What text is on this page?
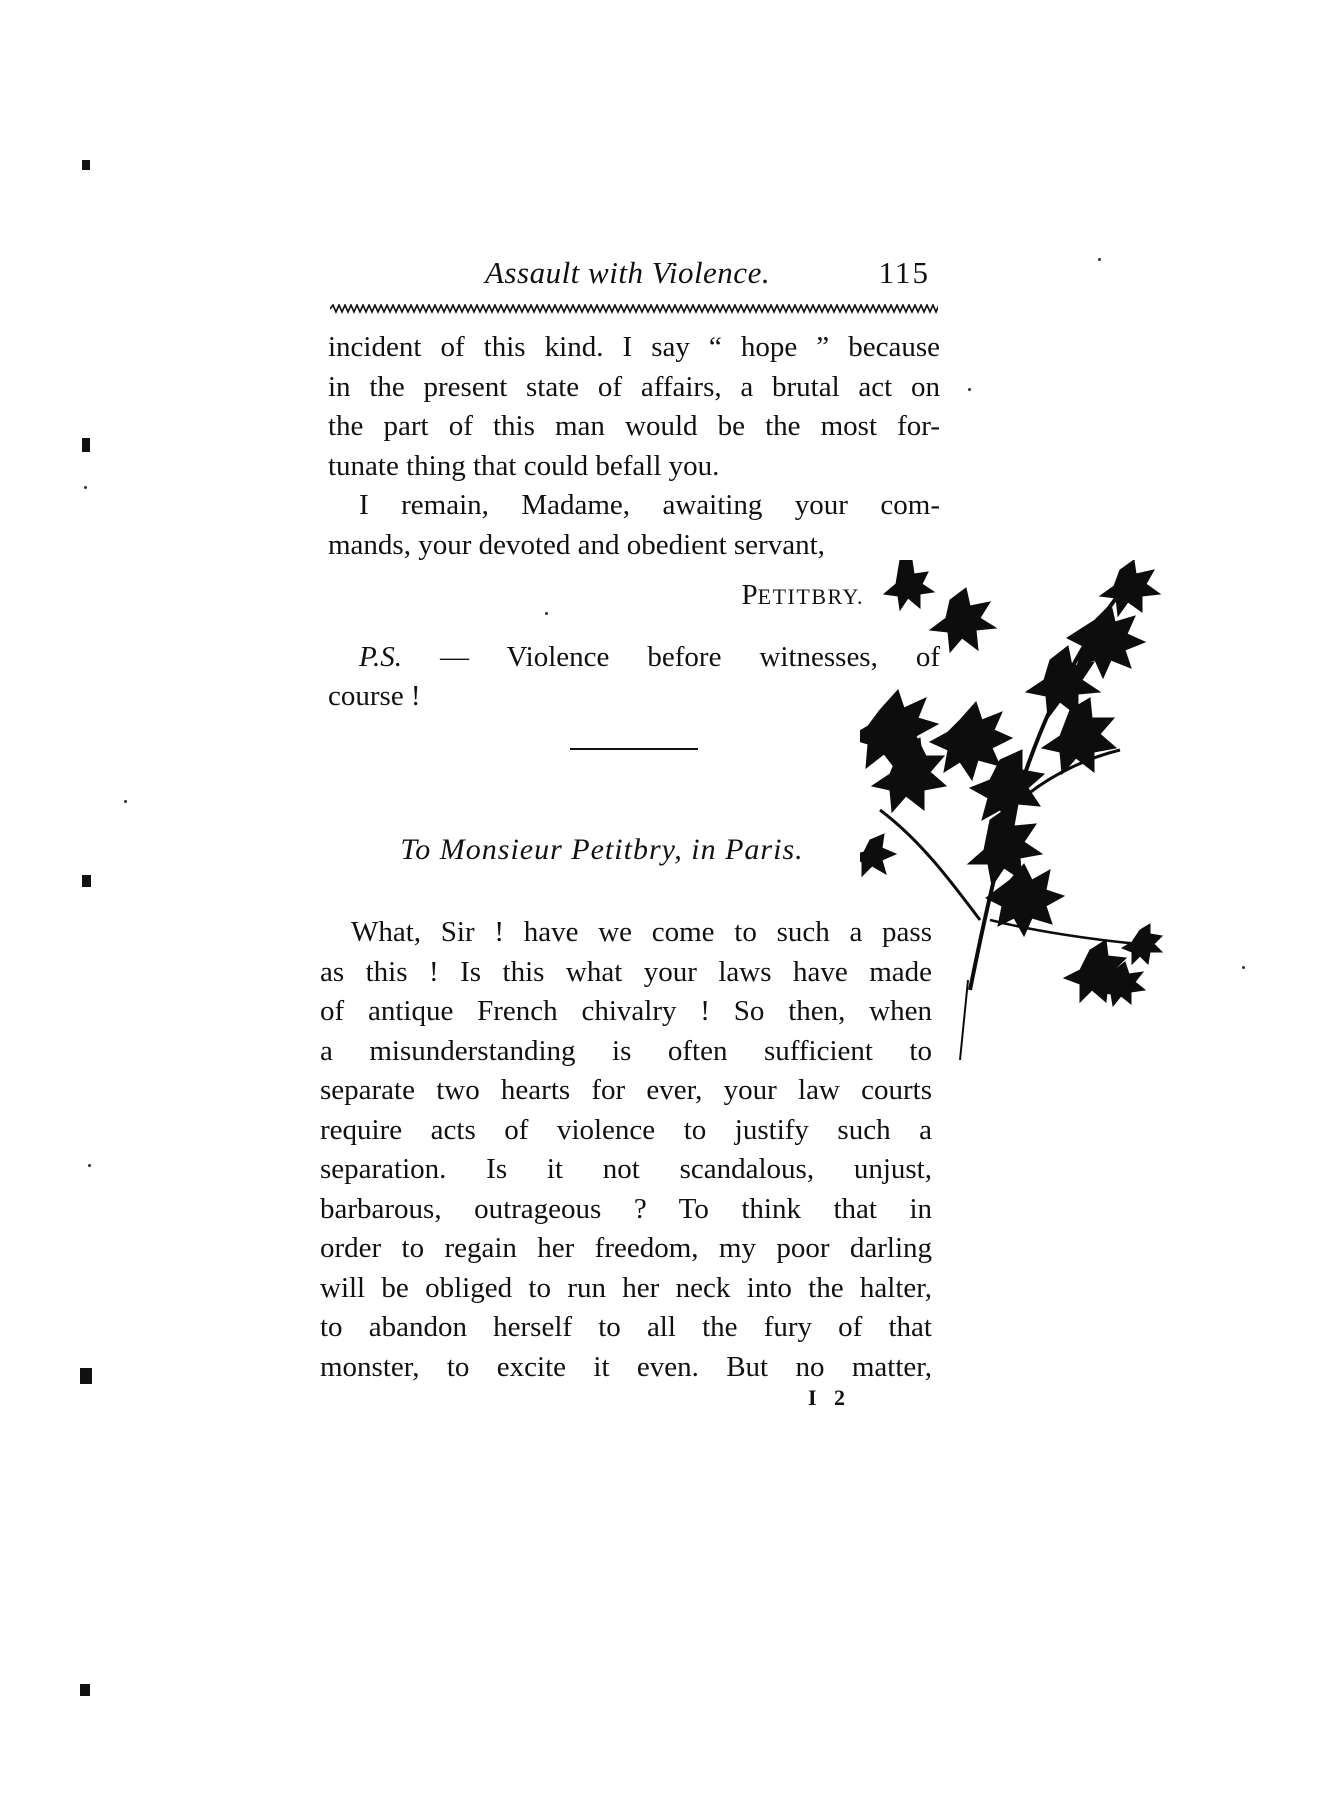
Assault with Violence.	115
incident of this kind. I say “ hope ” because
in the present state of affairs, a brutal act on
the part of this man would be the most for-
tunate thing that could befall you.
I remain, Madame, awaiting your com-
mands, your devoted and obedient servant,
PETITBRY.
P.S. — Violence before witnesses, of
course !
To Monsieur Petitbry, in Paris.
What, Sir ! have we come to such a pass
as this ! Is this what your laws have made
of antique French chivalry ! So then, when
a misunderstanding is often sufficient to
separate two hearts for ever, your law courts
require acts of violence to justify such a
separation. Is it not scandalous, unjust,
barbarous, outrageous ? To think that in
order to regain her freedom, my poor darling
will be obliged to run her neck into the halter,
to abandon herself to all the fury of that
monster, to excite it even. But no matter,
I 2
